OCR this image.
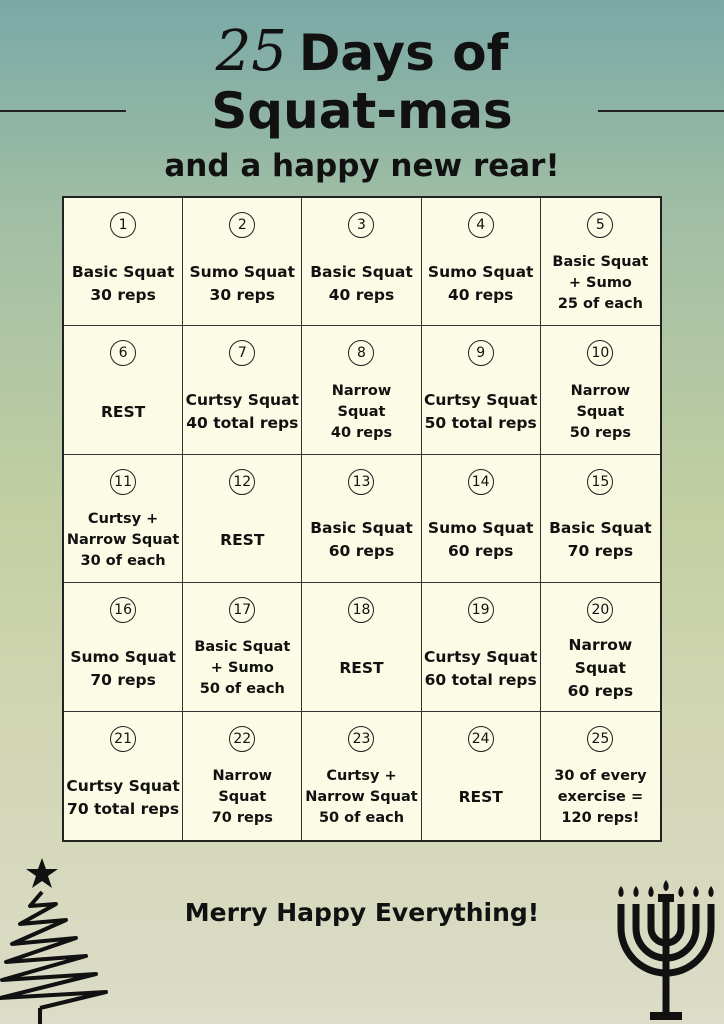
25 Days of
Squat-mas
and a happy new rear!
1
Basic Squat
30 reps
2
Sumo Squat
30 reps
3
Basic Squat
40 reps
4
Sumo Squat
40 reps
5
Basic Squat
+ Sumo
25 of each
6
REST
7
Curtsy Squat
40 total reps
8
Narrow
Squat
40 reps
9
Curtsy Squat
50 total reps
10
Narrow
Squat
50 reps
11
Curtsy +
Narrow Squat
30 of each
12
REST
13
Basic Squat
60 reps
14
Sumo Squat
60 reps
15
Basic Squat
70 reps
16
Sumo Squat
70 reps
17
Basic Squat
+ Sumo
50 of each
18
REST
19
Curtsy Squat
60 total reps
20
Narrow Squat
60 reps
21
Curtsy Squat
70 total reps
22
Narrow
Squat
70 reps
23
Curtsy +
Narrow Squat
50 of each
24
REST
25
30 of every
exercise =
120 reps!
Merry Happy Everything!
